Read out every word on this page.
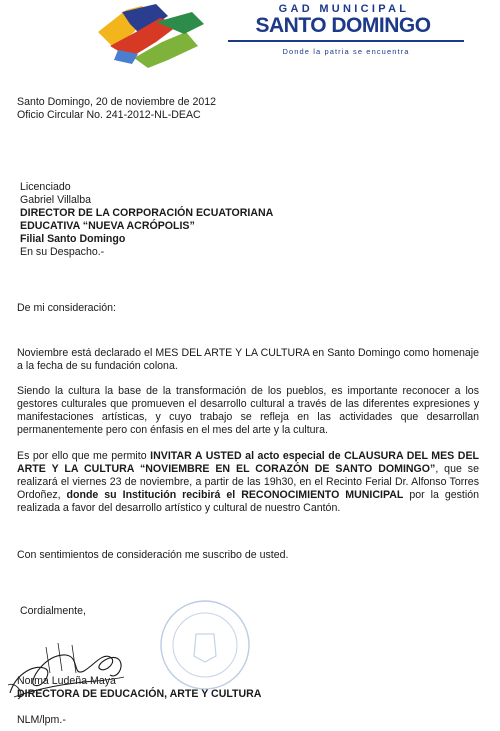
GAD MUNICIPAL
SANTO DOMINGO
Donde la patria se encuentra
Santo Domingo, 20 de noviembre de 2012
Oficio Circular No. 241-2012-NL-DEAC
Licenciado
Gabriel Villalba
DIRECTOR DE LA CORPORACIÓN ECUATORIANA
EDUCATIVA “NUEVA ACRÓPOLIS”
Filial Santo Domingo
En su Despacho.-
De mi consideración:
Noviembre está declarado el MES DEL ARTE Y LA CULTURA en Santo Domingo como homenaje a la fecha de su fundación colona.
Siendo la cultura la base de la transformación de los pueblos, es importante reconocer a los gestores culturales que promueven el desarrollo cultural a través de las diferentes expresiones y manifestaciones artísticas, y cuyo trabajo se refleja en las actividades que desarrollan permanentemente pero con énfasis en el mes del arte y la cultura.
Es por ello que me permito INVITAR A USTED al acto especial de CLAUSURA DEL MES DEL ARTE Y LA CULTURA “NOVIEMBRE EN EL CORAZÓN DE SANTO DOMINGO”, que se realizará el viernes 23 de noviembre, a partir de las 19h30, en el Recinto Ferial Dr. Alfonso Torres Ordoñez, donde su Institución recibirá el RECONOCIMIENTO MUNICIPAL por la gestión realizada a favor del desarrollo artístico y cultural de nuestro Cantón.
Con sentimientos de consideración me suscribo de usted.
Cordialmente,
Norma Ludeña Maya
DIRECTORA DE EDUCACIÓN, ARTE Y CULTURA
NLM/lpm.-
